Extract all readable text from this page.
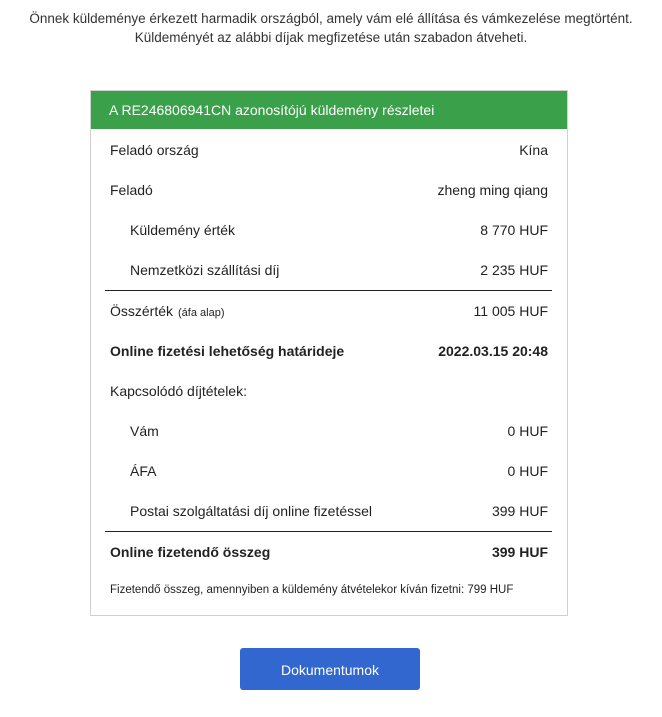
Önnek küldeménye érkezett harmadik országból, amely vám elé állítása és vámkezelése megtörtént.
Küldeményét az alábbi díjak megfizetése után szabadon átveheti.
A RE246806941CN azonosítójú küldemény részletei
Feladó ország	Kína
Feladó	zheng ming qiang
Küldemény érték	8 770 HUF
Nemzetközi szállítási díj	2 235 HUF
Összérték (áfa alap)	11 005 HUF
Online fizetési lehetőség határideje	2022.03.15 20:48
Kapcsolódó díjtételek:
Vám	0 HUF
ÁFA	0 HUF
Postai szolgáltatási díj online fizetéssel	399 HUF
Online fizetendő összeg	399 HUF
Fizetendő összeg, amennyiben a küldemény átvételekor kíván fizetni: 799 HUF
Dokumentumok
